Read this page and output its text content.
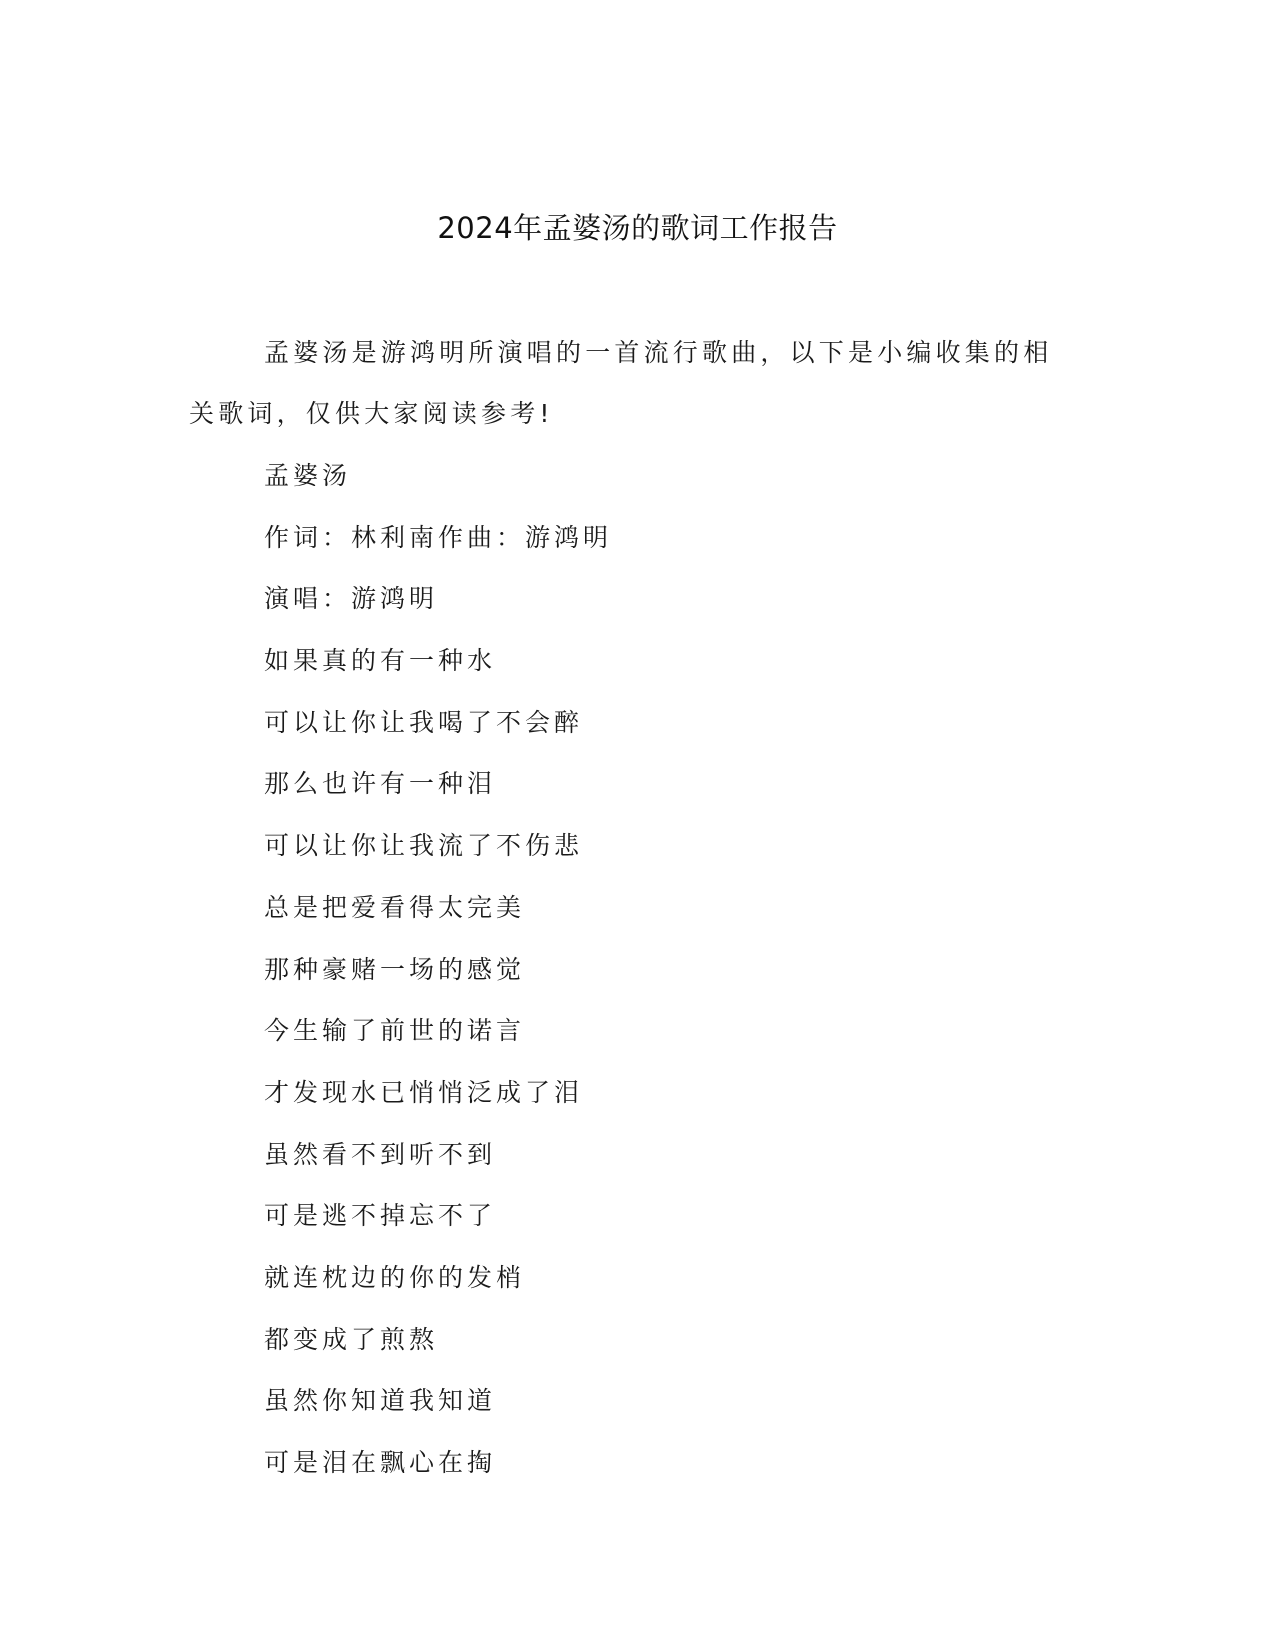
2024年孟婆汤的歌词工作报告

孟婆汤是游鸿明所演唱的一首流行歌曲，以下是小编收集的相关歌词，仅供大家阅读参考!

孟婆汤
作词：林利南作曲：游鸿明
演唱：游鸿明
如果真的有一种水
可以让你让我喝了不会醉
那么也许有一种泪
可以让你让我流了不伤悲
总是把爱看得太完美
那种豪赌一场的感觉
今生输了前世的诺言
才发现水已悄悄泛成了泪
虽然看不到听不到
可是逃不掉忘不了
就连枕边的你的发梢
都变成了煎熬
虽然你知道我知道
可是泪在飘心在掏
